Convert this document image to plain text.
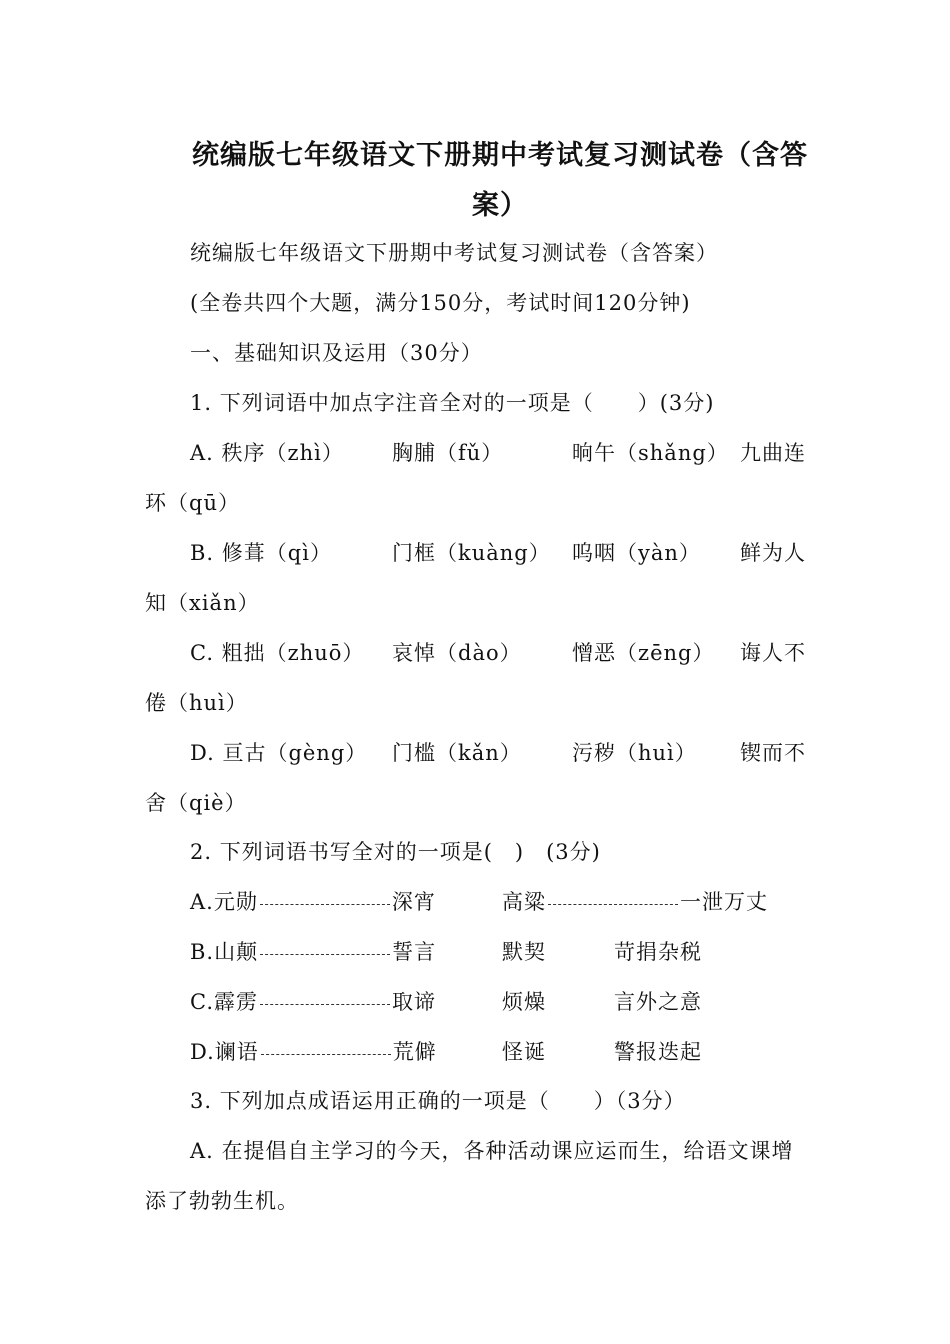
统编版七年级语文下册期中考试复习测试卷（含答
案）
统编版七年级语文下册期中考试复习测试卷（含答案）
(全卷共四个大题，满分150分，考试时间120分钟)
一、基础知识及运用（30分）
1. 下列词语中加点字注音全对的一项是（　　）(3分)
A. 秩序（zhì） 胸脯（fǔ）	晌午（shǎng） 九曲连
环（qū）
B. 修葺（qì）	门框（kuàng） 呜咽（yàn） 鲜为人
知（xiǎn）
C. 粗拙（zhuō） 哀悼（dào） 憎恶（zēng） 诲人不
倦（huì）
D. 亘古（gèng） 门槛（kǎn） 污秽（huì） 锲而不
舍（qiè）
2. 下列词语书写全对的一项是(　)　(3分)
A.元勋	深宵	高粱	一泄万丈
B.山颠	誓言	默契	苛捐杂税
C.霹雳	取谛	烦燥	言外之意
D.谰语	荒僻	怪诞	警报迭起
3. 下列加点成语运用正确的一项是（　　）（3分）
A. 在提倡自主学习的今天，各种活动课应运而生，给语文课增
添了勃勃生机。
